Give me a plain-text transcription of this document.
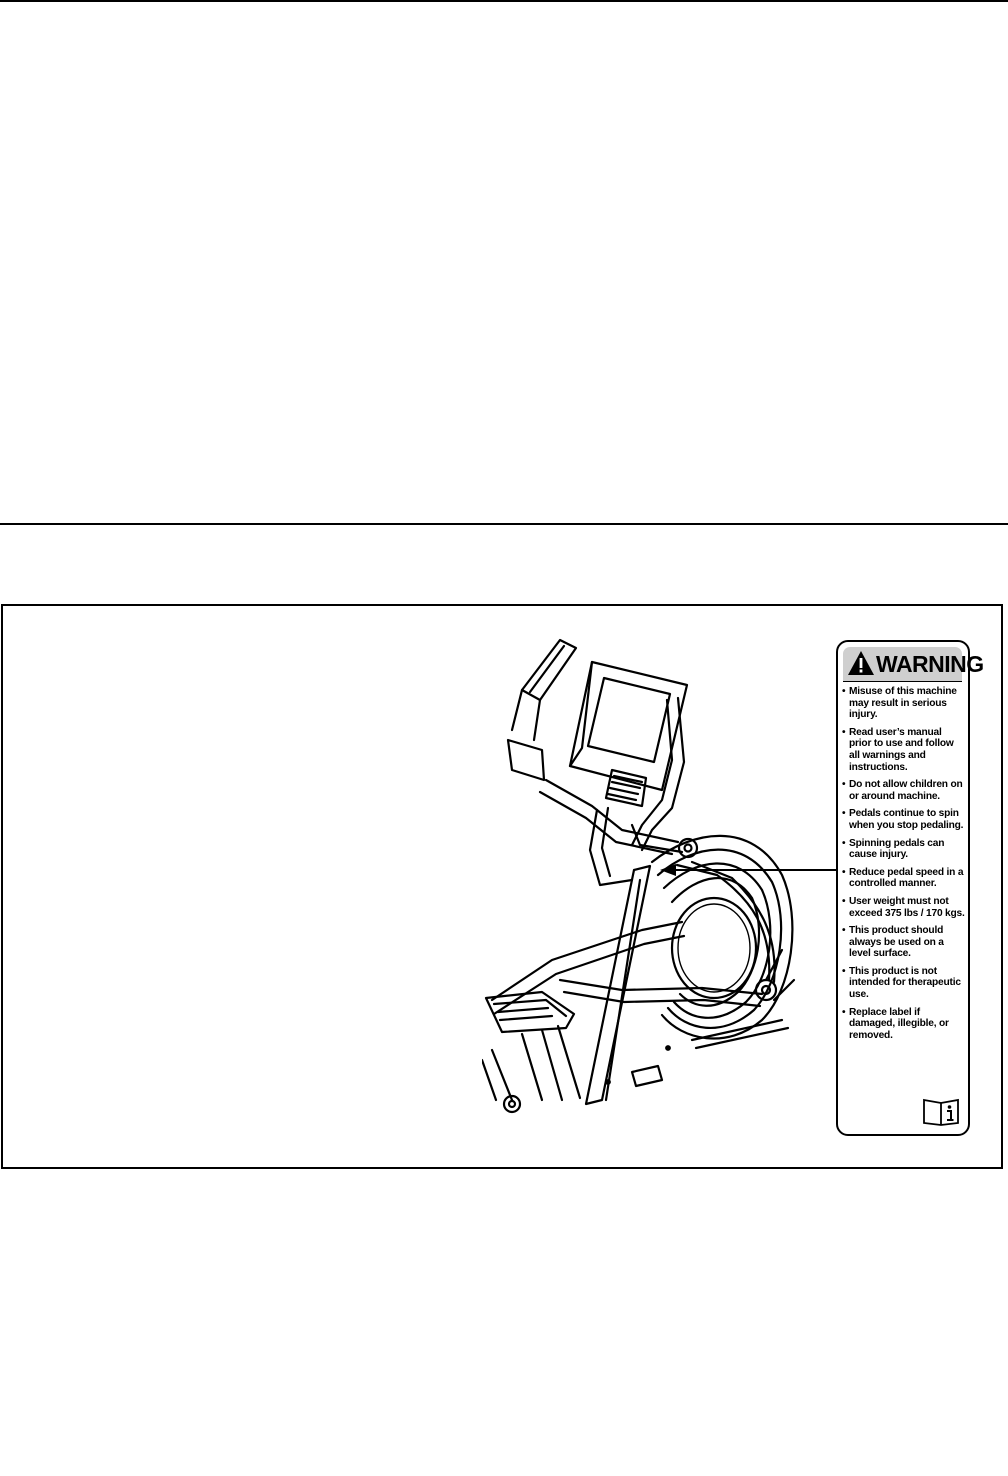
WARNING
• Misuse of this machine may result in serious injury.
• Read user’s manual prior to use and follow all warnings and instructions.
• Do not allow children on or around machine.
• Pedals continue to spin when you stop pedaling.
• Spinning pedals can cause injury.
• Reduce pedal speed in a controlled manner.
• User weight must not exceed 375 lbs / 170 kgs.
• This product should always be used on a level surface.
• This product is not intended for therapeutic use.
• Replace label if damaged, illegible, or removed.
